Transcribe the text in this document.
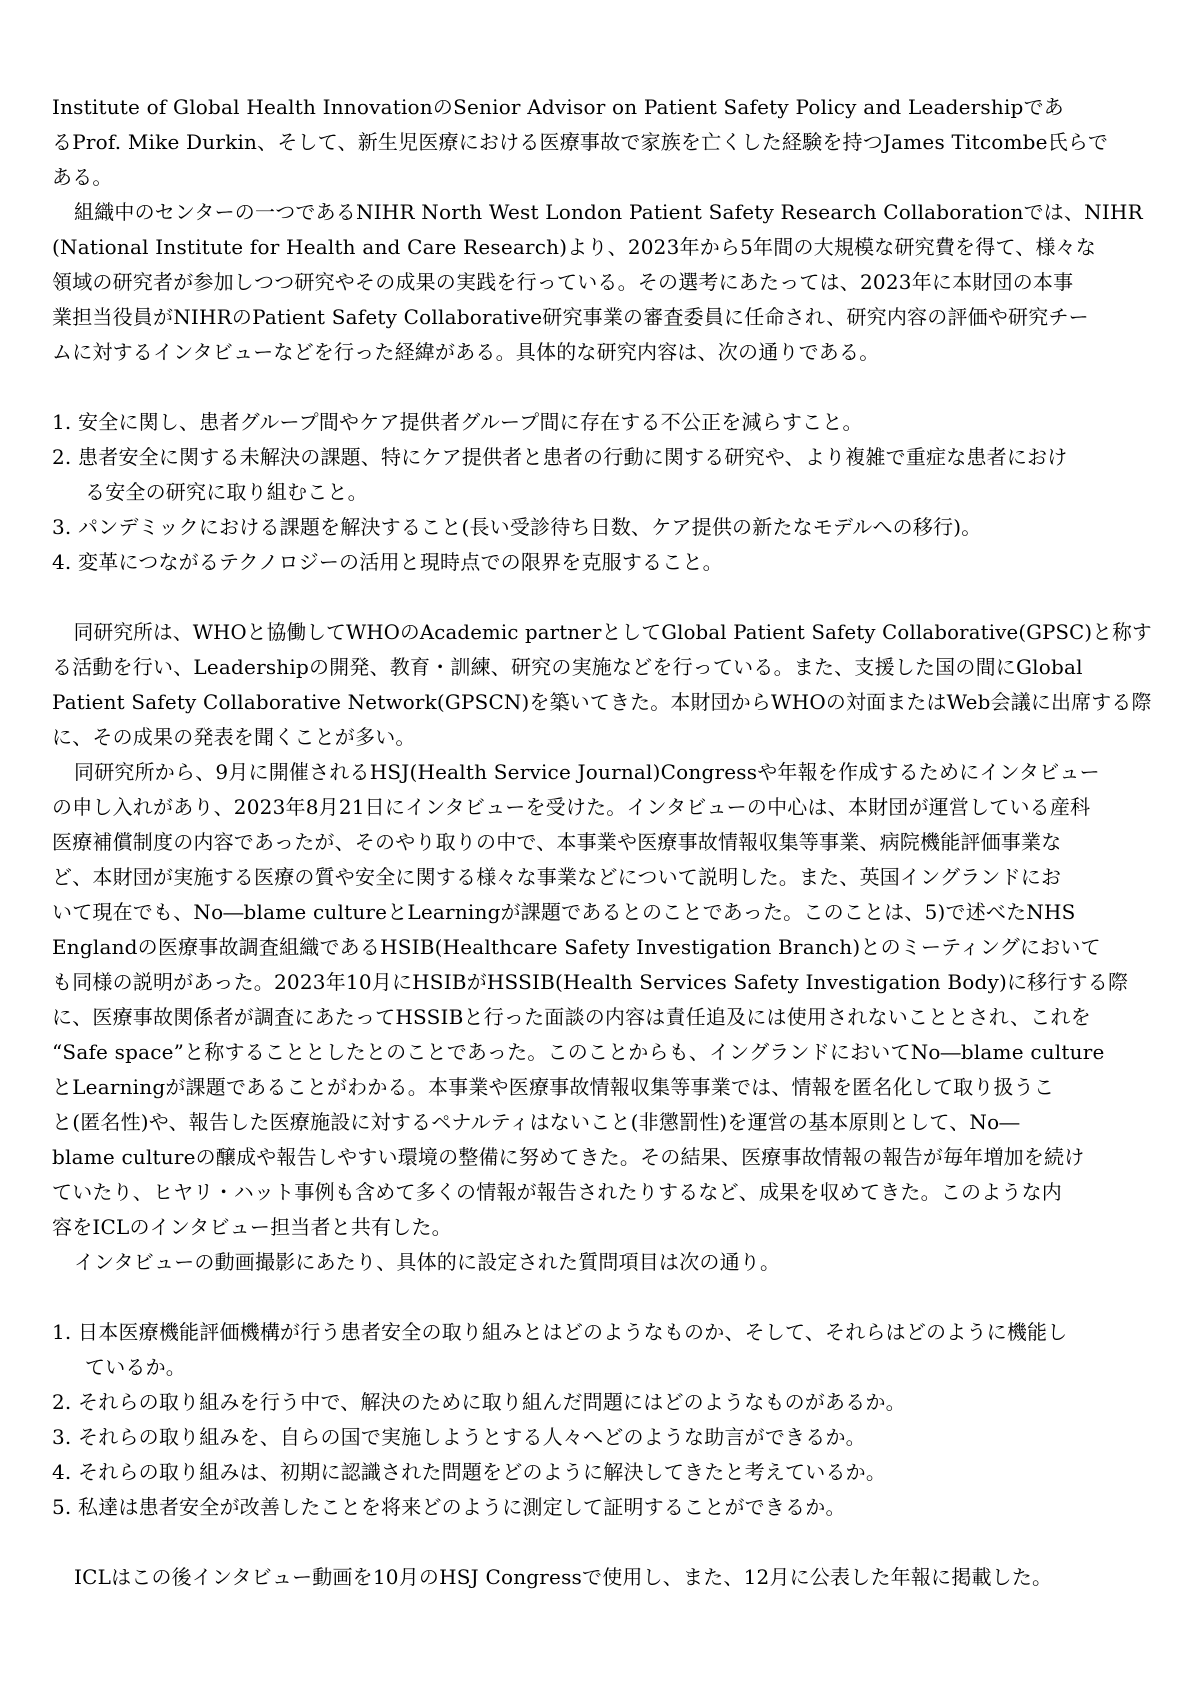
Institute of Global Health InnovationのSenior Advisor on Patient Safety Policy and Leadershipであ
るProf. Mike Durkin、そして、新生児医療における医療事故で家族を亡くした経験を持つJames Titcombe氏らで
ある。
組織中のセンターの一つであるNIHR North West London Patient Safety Research Collaborationでは、NIHR
(National Institute for Health and Care Research)より、2023年から5年間の大規模な研究費を得て、様々な
領域の研究者が参加しつつ研究やその成果の実践を行っている。その選考にあたっては、2023年に本財団の本事
業担当役員がNIHRのPatient Safety Collaborative研究事業の審査委員に任命され、研究内容の評価や研究チー
ムに対するインタビューなどを行った経緯がある。具体的な研究内容は、次の通りである。
1. 安全に関し、患者グループ間やケア提供者グループ間に存在する不公正を減らすこと。
2. 患者安全に関する未解決の課題、特にケア提供者と患者の行動に関する研究や、より複雑で重症な患者におけ
る安全の研究に取り組むこと。
3. パンデミックにおける課題を解決すること(長い受診待ち日数、ケア提供の新たなモデルへの移行)。
4. 変革につながるテクノロジーの活用と現時点での限界を克服すること。
同研究所は、WHOと協働してWHOのAcademic partnerとしてGlobal Patient Safety Collaborative(GPSC)と称す
る活動を行い、Leadershipの開発、教育・訓練、研究の実施などを行っている。また、支援した国の間にGlobal
Patient Safety Collaborative Network(GPSCN)を築いてきた。本財団からWHOの対面またはWeb会議に出席する際
に、その成果の発表を聞くことが多い。
同研究所から、9月に開催されるHSJ(Health Service Journal)Congressや年報を作成するためにインタビュー
の申し入れがあり、2023年8月21日にインタビューを受けた。インタビューの中心は、本財団が運営している産科
医療補償制度の内容であったが、そのやり取りの中で、本事業や医療事故情報収集等事業、病院機能評価事業な
ど、本財団が実施する医療の質や安全に関する様々な事業などについて説明した。また、英国イングランドにお
いて現在でも、No―blame cultureとLearningが課題であるとのことであった。このことは、5)で述べたNHS
Englandの医療事故調査組織であるHSIB(Healthcare Safety Investigation Branch)とのミーティングにおいて
も同様の説明があった。2023年10月にHSIBがHSSIB(Health Services Safety Investigation Body)に移行する際
に、医療事故関係者が調査にあたってHSSIBと行った面談の内容は責任追及には使用されないこととされ、これを
“Safe space”と称することとしたとのことであった。このことからも、イングランドにおいてNo―blame culture
とLearningが課題であることがわかる。本事業や医療事故情報収集等事業では、情報を匿名化して取り扱うこ
と(匿名性)や、報告した医療施設に対するペナルティはないこと(非懲罰性)を運営の基本原則として、No―
blame cultureの醸成や報告しやすい環境の整備に努めてきた。その結果、医療事故情報の報告が毎年増加を続け
ていたり、ヒヤリ・ハット事例も含めて多くの情報が報告されたりするなど、成果を収めてきた。このような内
容をICLのインタビュー担当者と共有した。
インタビューの動画撮影にあたり、具体的に設定された質問項目は次の通り。
1. 日本医療機能評価機構が行う患者安全の取り組みとはどのようなものか、そして、それらはどのように機能し
ているか。
2. それらの取り組みを行う中で、解決のために取り組んだ問題にはどのようなものがあるか。
3. それらの取り組みを、自らの国で実施しようとする人々へどのような助言ができるか。
4. それらの取り組みは、初期に認識された問題をどのように解決してきたと考えているか。
5. 私達は患者安全が改善したことを将来どのように測定して証明することができるか。
ICLはこの後インタビュー動画を10月のHSJ Congressで使用し、また、12月に公表した年報に掲載した。
